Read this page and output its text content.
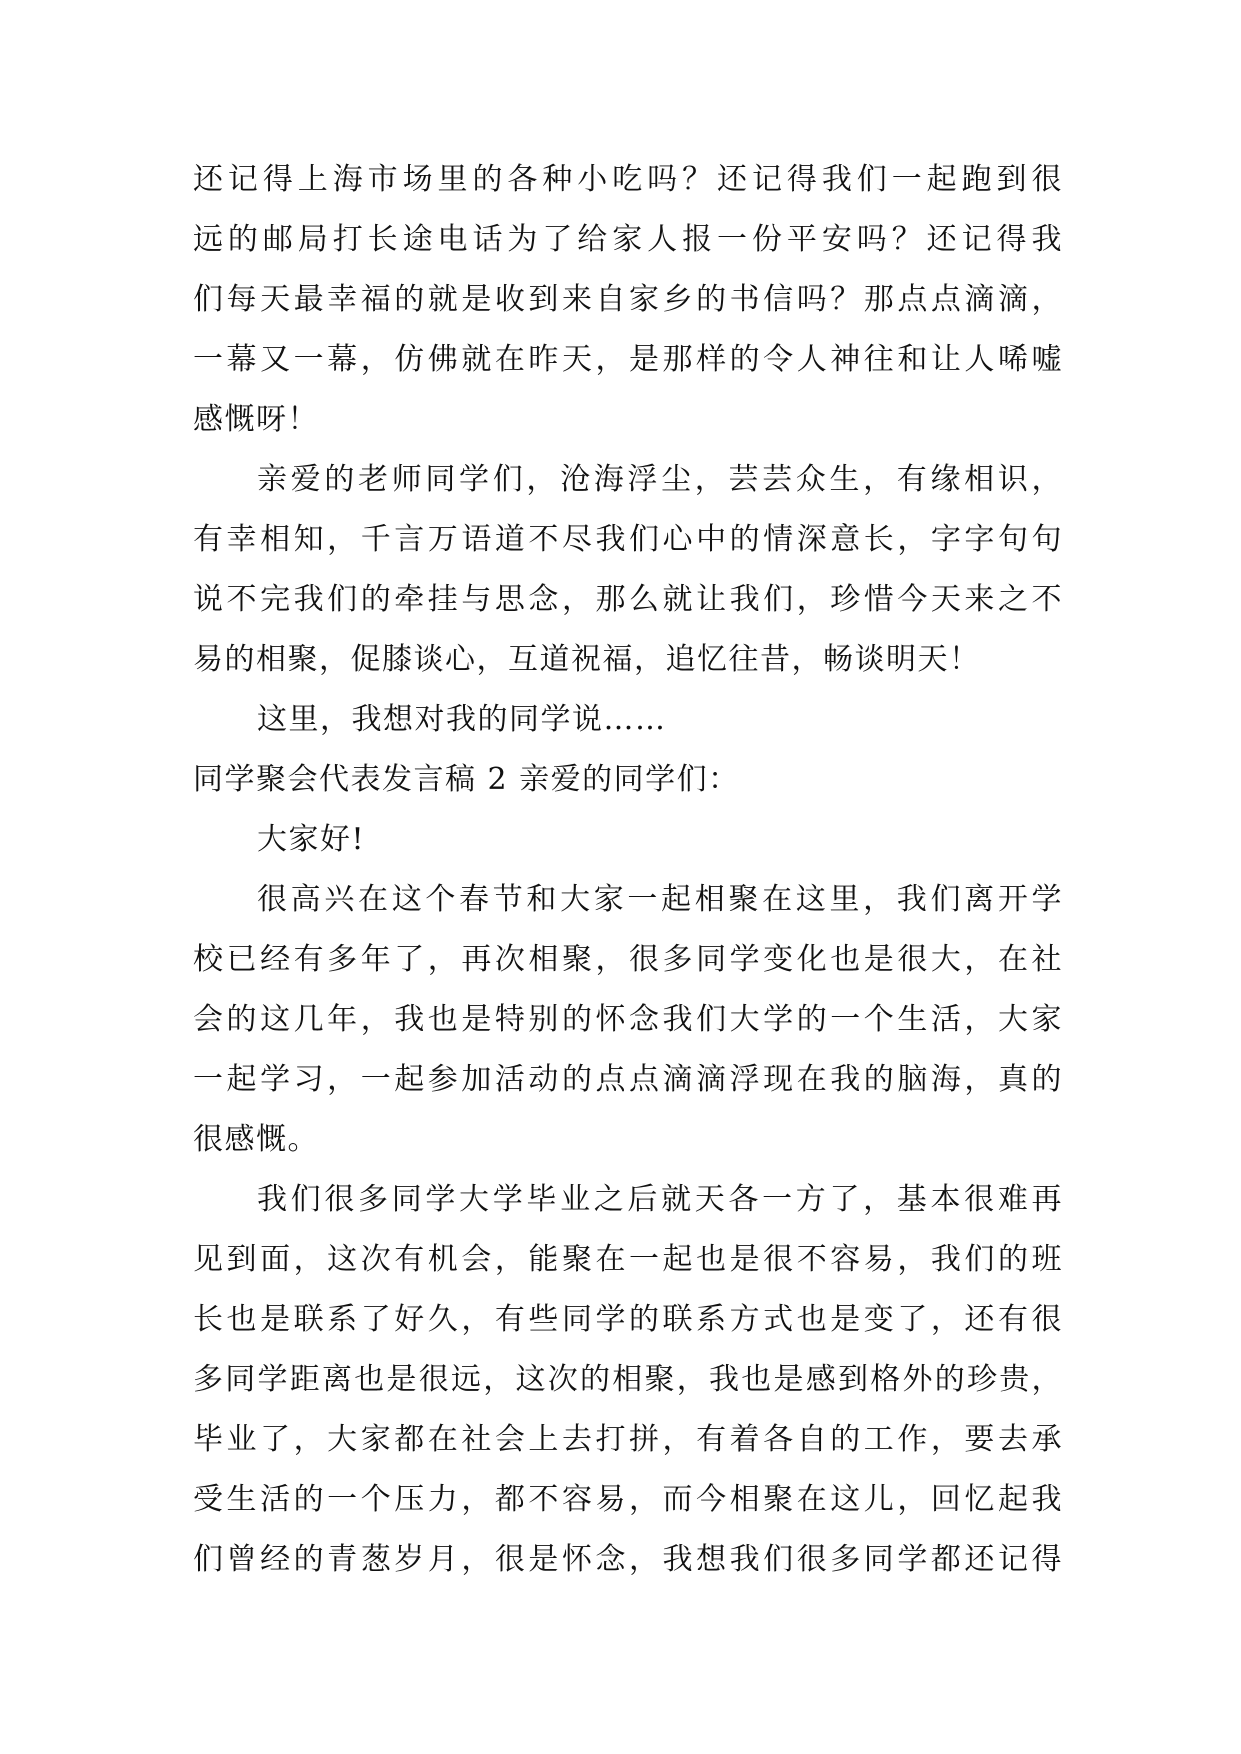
还记得上海市场里的各种小吃吗？还记得我们一起跑到很
远的邮局打长途电话为了给家人报一份平安吗？还记得我
们每天最幸福的就是收到来自家乡的书信吗？那点点滴滴，
一幕又一幕，仿佛就在昨天，是那样的令人神往和让人唏嘘
感慨呀！
亲爱的老师同学们，沧海浮尘，芸芸众生，有缘相识，
有幸相知，千言万语道不尽我们心中的情深意长，字字句句
说不完我们的牵挂与思念，那么就让我们，珍惜今天来之不
易的相聚，促膝谈心，互道祝福，追忆往昔，畅谈明天！
这里，我想对我的同学说……
同学聚会代表发言稿 2 亲爱的同学们：
大家好!
很高兴在这个春节和大家一起相聚在这里，我们离开学
校已经有多年了，再次相聚，很多同学变化也是很大，在社
会的这几年，我也是特别的怀念我们大学的一个生活，大家
一起学习，一起参加活动的点点滴滴浮现在我的脑海，真的
很感慨。
我们很多同学大学毕业之后就天各一方了，基本很难再
见到面，这次有机会，能聚在一起也是很不容易，我们的班
长也是联系了好久，有些同学的联系方式也是变了，还有很
多同学距离也是很远，这次的相聚，我也是感到格外的珍贵，
毕业了，大家都在社会上去打拼，有着各自的工作，要去承
受生活的一个压力，都不容易，而今相聚在这儿，回忆起我
们曾经的青葱岁月，很是怀念，我想我们很多同学都还记得
